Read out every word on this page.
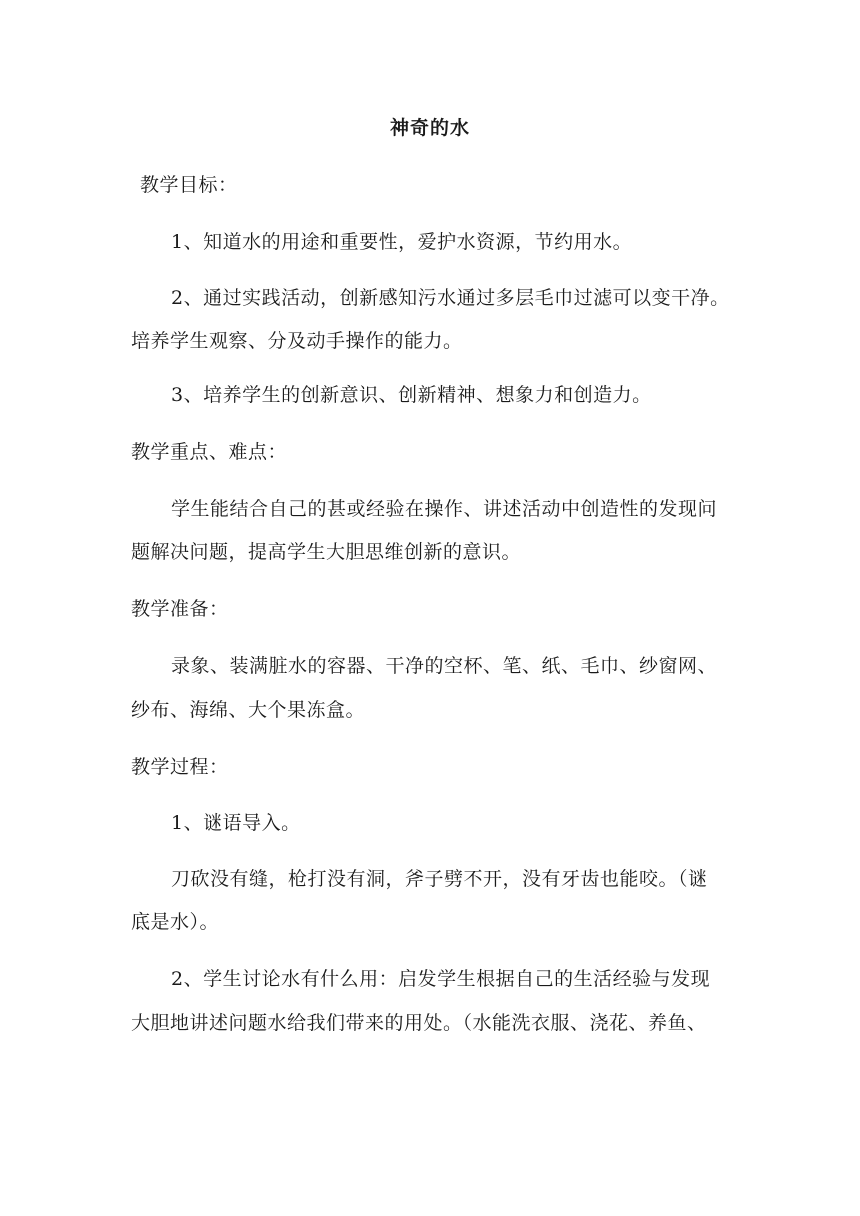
神奇的水
教学目标：
1、知道水的用途和重要性，爱护水资源，节约用水。
2、通过实践活动，创新感知污水通过多层毛巾过滤可以变干净。
培养学生观察、分及动手操作的能力。
3、培养学生的创新意识、创新精神、想象力和创造力。
教学重点、难点：
学生能结合自己的甚或经验在操作、讲述活动中创造性的发现问
题解决问题，提高学生大胆思维创新的意识。
教学准备：
录象、装满脏水的容器、干净的空杯、笔、纸、毛巾、纱窗网、
纱布、海绵、大个果冻盒。
教学过程：
1、谜语导入。
刀砍没有缝，枪打没有洞，斧子劈不开，没有牙齿也能咬。（谜
底是水）。
2、学生讨论水有什么用：启发学生根据自己的生活经验与发现
大胆地讲述问题水给我们带来的用处。（水能洗衣服、浇花、养鱼、
